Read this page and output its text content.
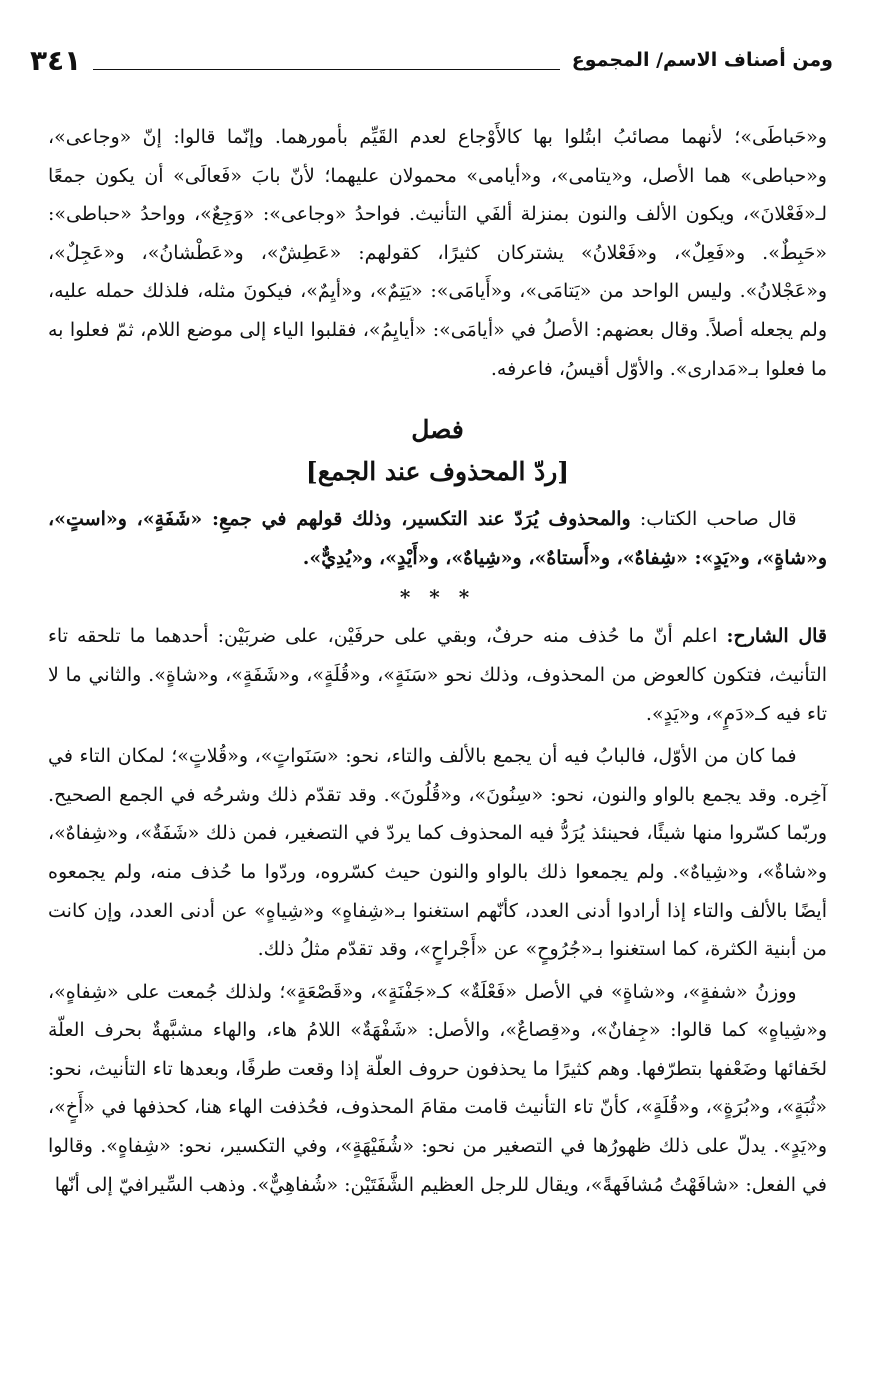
ومن أصناف الاسم/ المجموع
٣٤١

و«حَباطَى»؛ لأنهما مصائبُ ابتُلوا بها كالأَوْجاع لعدم القَيِّم بأمورهما. وإنّما قالوا: إنّ «وجاعى»، و«حباطى» هما الأصل، و«يتامى»، و«أيامى» محمولان عليهما؛ لأنّ بابَ «فَعالَى» أن يكون جمعًا لـ«فَعْلانَ»، ويكون الألف والنون بمنزلة ألفَي التأنيث. فواحدُ «وجاعى»: «وَجِعٌ»، وواحدُ «حباطى»: «حَبِطٌ». و«فَعِلٌ»، و«فَعْلانُ» يشتركان كثيرًا، كقولهم: «عَطِشٌ»، و«عَطْشانُ»، و«عَجِلٌ»، و«عَجْلانُ». وليس الواحد من «يَتامَى»، و«أَيامَى»: «يَتِمٌ»، و«أيِمٌ»، فيكونَ مثله، فلذلك حمله عليه، ولم يجعله أصلاً. وقال بعضهم: الأصلُ في «أيامَى»: «أيايِمُ»، فقلبوا الياء إلى موضع اللام، ثمّ فعلوا به ما فعلوا بـ«مَدارى». والأوّل أقيسُ، فاعرفه.

فصل
[ردّ المحذوف عند الجمع]

قال صاحب الكتاب: والمحذوف يُرَدّ عند التكسير، وذلك قولهم في جمعِ: «شَفَةٍ»، و«استٍ»، و«شاةٍ»، و«يَدٍ»: «شِفاهٌ»، و«أَستاهٌ»، و«شِياهٌ»، و«أَيْدٍ»، و«يُدِيٌّ».

* * *

قال الشارح: اعلم أنّ ما حُذف منه حرفٌ، وبقي على حرفَيْن، على ضربَيْن: أحدهما ما تلحقه تاء التأنيث، فتكون كالعوض من المحذوف، وذلك نحو «سَنَةٍ»، و«قُلَةٍ»، و«شَفَةٍ»، و«شاةٍ». والثاني ما لا تاء فيه كـ«دَمٍ»، و«يَدٍ».

فما كان من الأوّل، فالبابُ فيه أن يجمع بالألف والتاء، نحو: «سَنَواتٍ»، و«قُلاتٍ»؛ لمكان التاء في آخِره. وقد يجمع بالواو والنون، نحو: «سِنُونَ»، و«قُلُونَ». وقد تقدّم ذلك وشرحُه في الجمع الصحيح. وربّما كسّروا منها شيئًا، فحينئذ يُرَدُّ فيه المحذوف كما يردّ في التصغير، فمن ذلك «شَفَةٌ»، و«شِفاهٌ»، و«شاةٌ»، و«شِياهٌ». ولم يجمعوا ذلك بالواو والنون حيث كسّروه، وردّوا ما حُذف منه، ولم يجمعوه أيضًا بالألف والتاء إذا أرادوا أدنى العدد، كأنّهم استغنوا بـ«شِفاهٍ» و«شِياهٍ» عن أدنى العدد، وإن كانت من أبنية الكثرة، كما استغنوا بـ«جُرُوحٍ» عن «أَجْراحٍ»، وقد تقدّم مثلُ ذلك.

ووزنُ «شفةٍ»، و«شاةٍ» في الأصل «فَعْلَةٌ» كـ«جَفْنَةٍ»، و«قَصْعَةٍ»؛ ولذلك جُمعت على «شِفاهٍ»، و«شِياهٍ» كما قالوا: «جِفانٌ»، و«قِصاعٌ»، والأصل: «شَفْهَةٌ» اللامُ هاء، والهاء مشبَّهةٌ بحرف العلّة لخَفائها وضَعْفها بتطرّفها. وهم كثيرًا ما يحذفون حروف العلّة إذا وقعت طرفًا، وبعدها تاء التأنيث، نحو: «ثُبَةٍ»، و«بُرَةٍ»، و«قُلَةٍ»، كأنّ تاء التأنيث قامت مقامَ المحذوف، فحُذفت الهاء هنا، كحذفها في «أَخٍ»، و«يَدٍ». يدلّ على ذلك ظهورُها في التصغير من نحو: «شُفَيْهَةٍ»، وفي التكسير، نحو: «شِفاهٍ». وقالوا في الفعل: «شافَهْتُ مُشافَهةً»، ويقال للرجل العظيم الشَّفَتَيْن: «شُفاهِيٌّ». وذهب السِّيرافيّ إلى أنّها
